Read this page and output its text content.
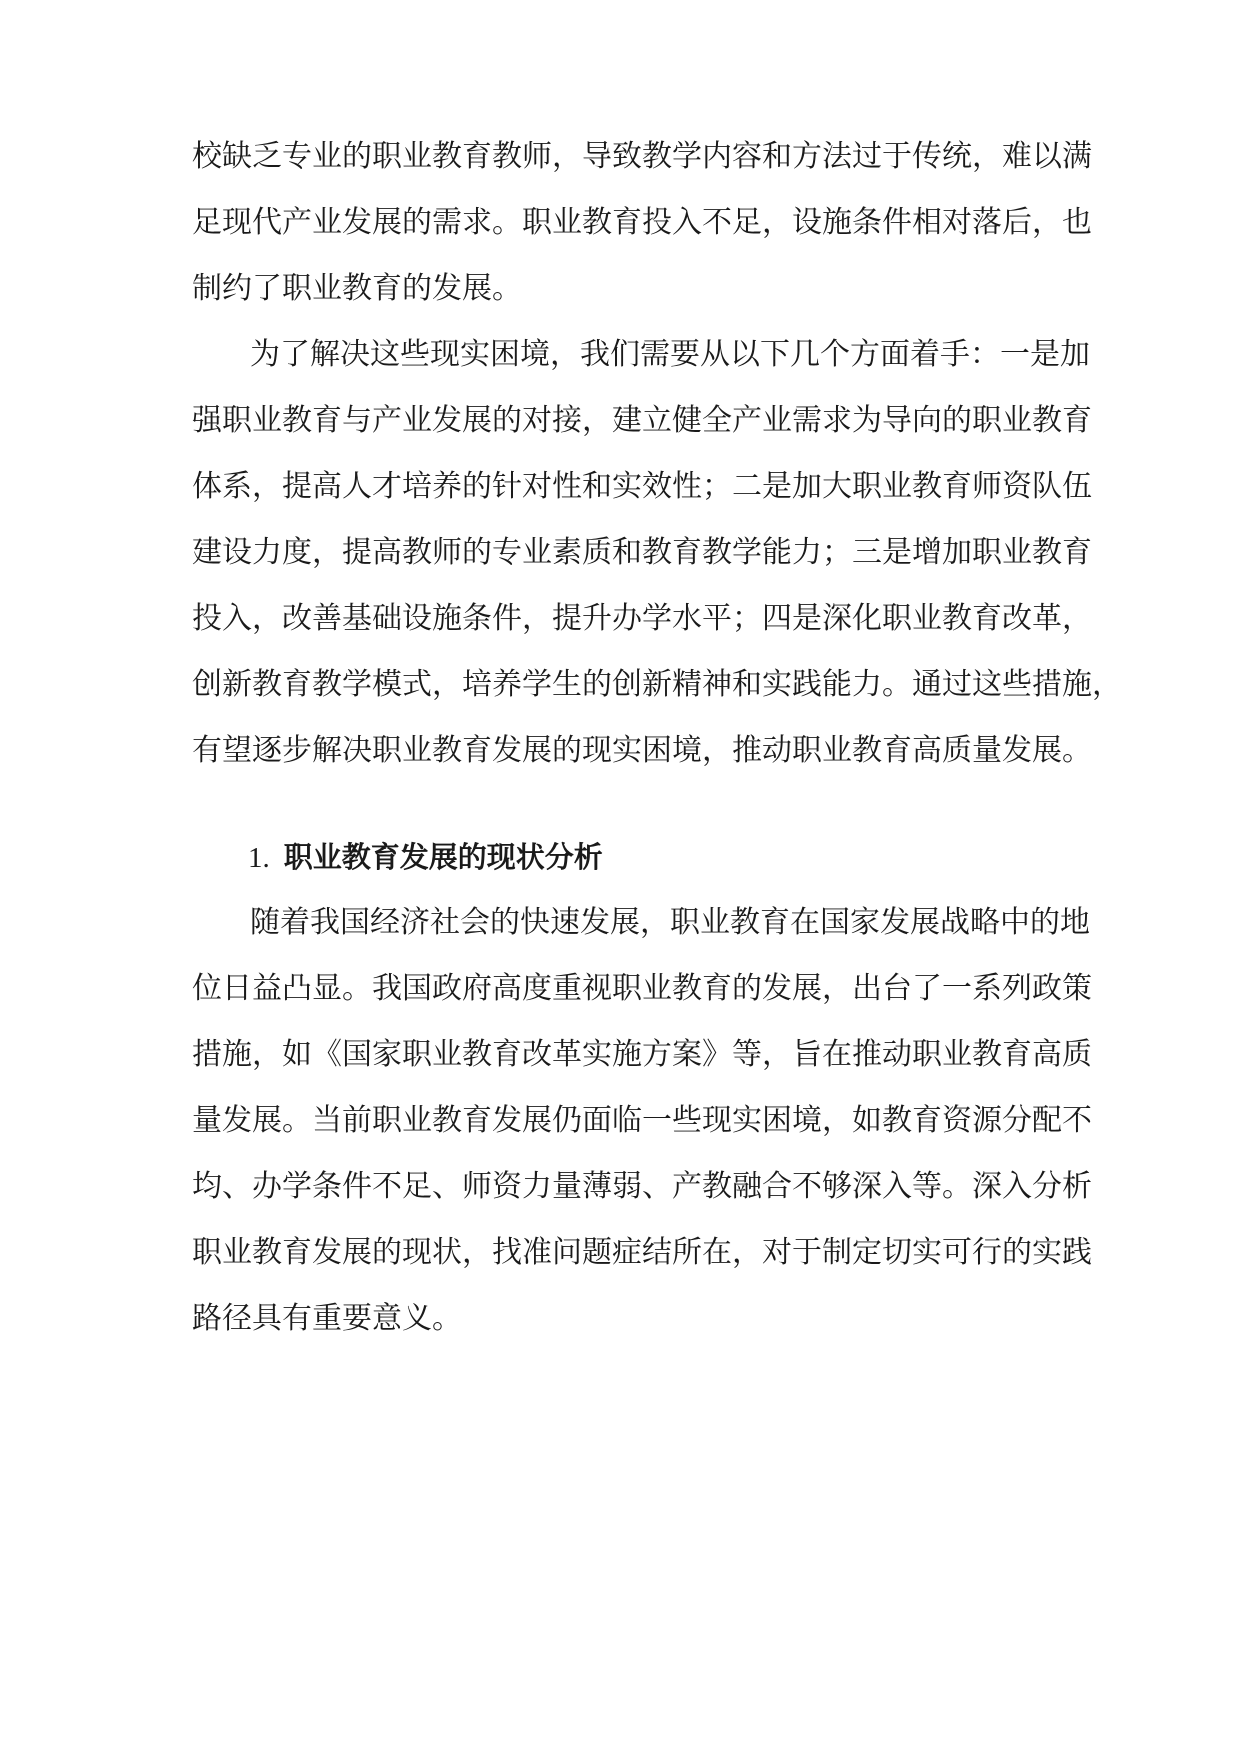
校缺乏专业的职业教育教师，导致教学内容和方法过于传统，难以满
足现代产业发展的需求。职业教育投入不足，设施条件相对落后，也
制约了职业教育的发展。
为了解决这些现实困境，我们需要从以下几个方面着手：一是加
强职业教育与产业发展的对接，建立健全产业需求为导向的职业教育
体系，提高人才培养的针对性和实效性；二是加大职业教育师资队伍
建设力度，提高教师的专业素质和教育教学能力；三是增加职业教育
投入，改善基础设施条件，提升办学水平；四是深化职业教育改革，
创新教育教学模式，培养学生的创新精神和实践能力。通过这些措施，
有望逐步解决职业教育发展的现实困境，推动职业教育高质量发展。
1. 职业教育发展的现状分析
随着我国经济社会的快速发展，职业教育在国家发展战略中的地
位日益凸显。我国政府高度重视职业教育的发展，出台了一系列政策
措施，如《国家职业教育改革实施方案》等，旨在推动职业教育高质
量发展。当前职业教育发展仍面临一些现实困境，如教育资源分配不
均、办学条件不足、师资力量薄弱、产教融合不够深入等。深入分析
职业教育发展的现状，找准问题症结所在，对于制定切实可行的实践
路径具有重要意义。
